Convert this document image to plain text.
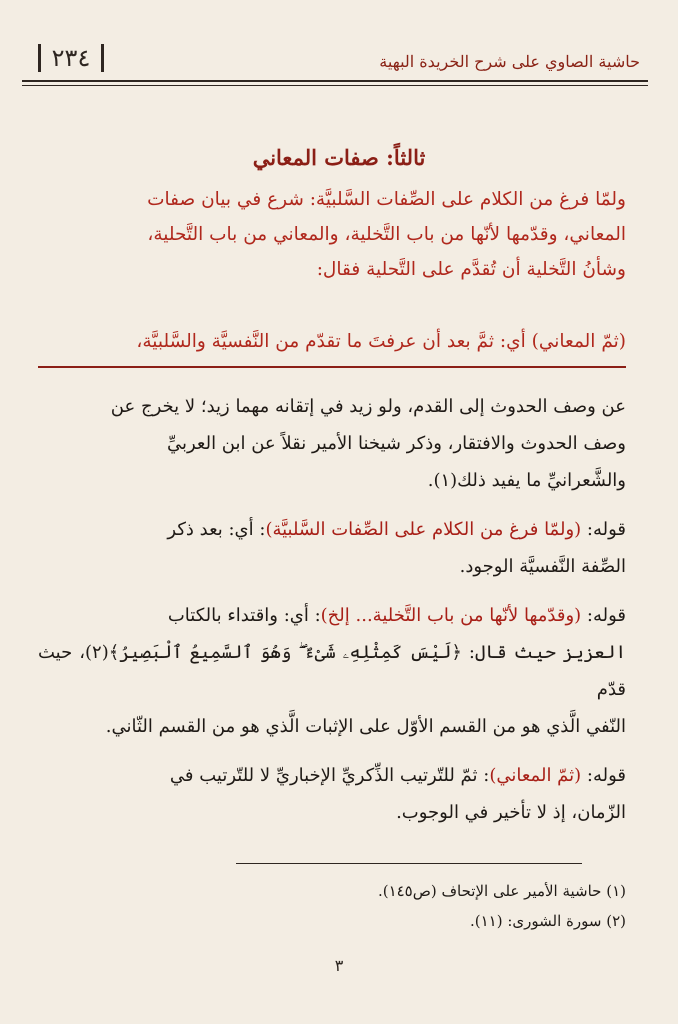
حاشية الصاوي على شرح الخريدة البهية
٢٣٤
ثالثاً: صفات المعاني

ولمّا فرغ من الكلام على الصِّفات السَّلبيَّة: شرع في بيان صفات

المعاني، وقدّمها لأنّها من باب التَّخلية، والمعاني من باب التَّحلية،

وشأنُ التَّخلية أن تُقدَّم على التَّحلية فقال:

(ثمّ المعاني) أي: ثمَّ بعد أن عرفتَ ما تقدّم من النَّفسيَّة والسَّلبيَّة،

عن وصف الحدوث إلى القدم، ولو زيد في إتقانه مهما زيد؛ لا يخرج عن

وصف الحدوث والافتقار، وذكر شيخنا الأمير نقلاً عن ابن العربيِّ

والشَّعرانيِّ ما يفيد ذلك(١).

قوله: (ولمّا فرغ من الكلام على الصِّفات السَّلبيَّة): أي: بعد ذكر

الصِّفة النَّفسيَّة الوجود.

قوله: (وقدّمها لأنّها من باب التَّخلية... إلخ): أي: واقتداء بالكتاب

العزيز حيث قال: ﴿لَيْسَ كَمِثْلِهِۦ شَىْءٌ ۖ وَهُوَ ٱلسَّمِيعُ ٱلْبَصِيرُ﴾(٢)، حيث قدّم

النّفي الَّذي هو من القسم الأوّل على الإثبات الَّذي هو من القسم الثّاني.

قوله: (ثمّ المعاني): ثمّ للتّرتيب الذِّكريِّ الإخباريِّ لا للتّرتيب في

الزّمان، إذ لا تأخير في الوجوب.

(١) حاشية الأمير على الإتحاف (ص١٤٥).
(٢) سورة الشورى: (١١).
٣
